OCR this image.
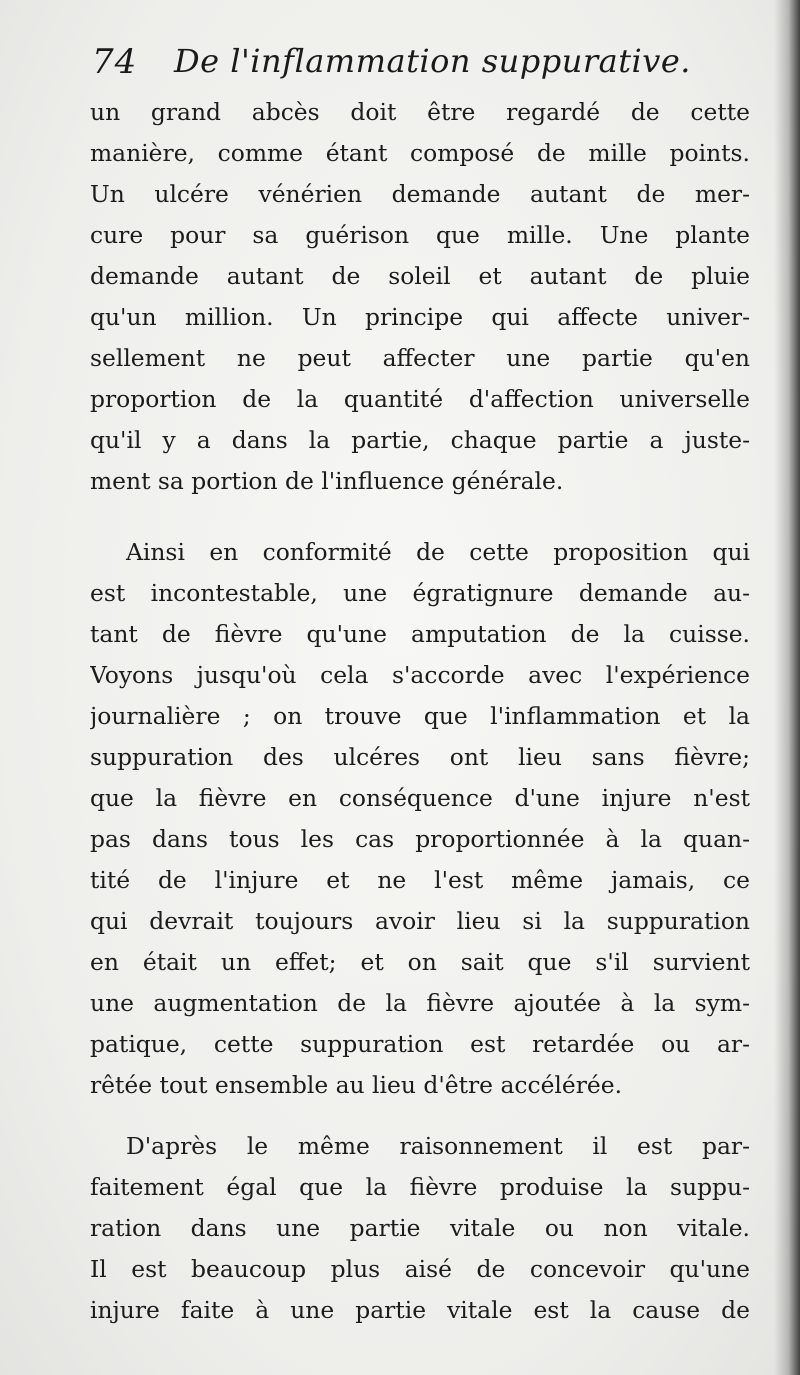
74 De l'inflammation suppurative.
un grand abcès doit être regardé de cette
manière, comme étant composé de mille points.
Un ulcére vénérien demande autant de mer-
cure pour sa guérison que mille. Une plante
demande autant de soleil et autant de pluie
qu'un million. Un principe qui affecte univer-
sellement ne peut affecter une partie qu'en
proportion de la quantité d'affection universelle
qu'il y a dans la partie, chaque partie a juste-
ment sa portion de l'influence générale.
Ainsi en conformité de cette proposition qui
est incontestable, une égratignure demande au-
tant de fièvre qu'une amputation de la cuisse.
Voyons jusqu'où cela s'accorde avec l'expérience
journalière ; on trouve que l'inflammation et la
suppuration des ulcéres ont lieu sans fièvre;
que la fièvre en conséquence d'une injure n'est
pas dans tous les cas proportionnée à la quan-
tité de l'injure et ne l'est même jamais, ce
qui devrait toujours avoir lieu si la suppuration
en était un effet; et on sait que s'il survient
une augmentation de la fièvre ajoutée à la sym-
patique, cette suppuration est retardée ou ar-
rêtée tout ensemble au lieu d'être accélérée.
D'après le même raisonnement il est par-
faitement égal que la fièvre produise la suppu-
ration dans une partie vitale ou non vitale.
Il est beaucoup plus aisé de concevoir qu'une
injure faite à une partie vitale est la cause de
